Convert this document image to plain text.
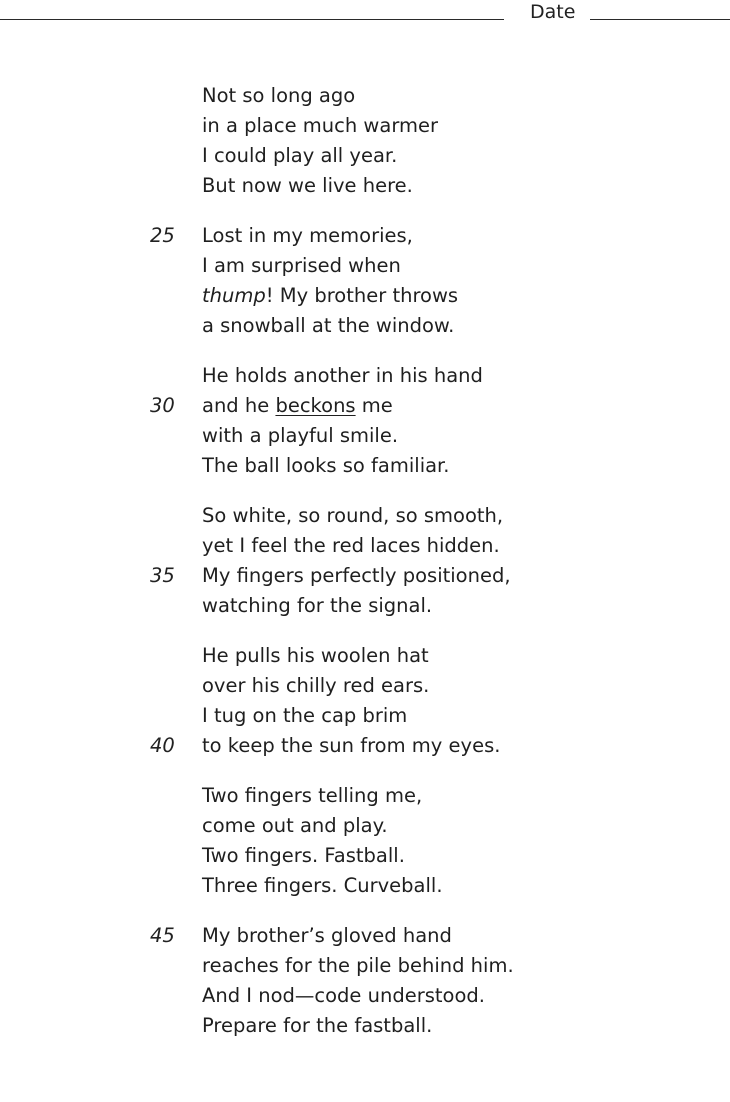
Date
Not so long ago
in a place much warmer
I could play all year.
But now we live here.
25 Lost in my memories,
I am surprised when
thump! My brother throws
a snowball at the window.
He holds another in his hand
30 and he beckons me
with a playful smile.
The ball looks so familiar.
So white, so round, so smooth,
yet I feel the red laces hidden.
35 My fingers perfectly positioned,
watching for the signal.
He pulls his woolen hat
over his chilly red ears.
I tug on the cap brim
40 to keep the sun from my eyes.
Two fingers telling me,
come out and play.
Two fingers. Fastball.
Three fingers. Curveball.
45 My brother’s gloved hand
reaches for the pile behind him.
And I nod—code understood.
Prepare for the fastball.
